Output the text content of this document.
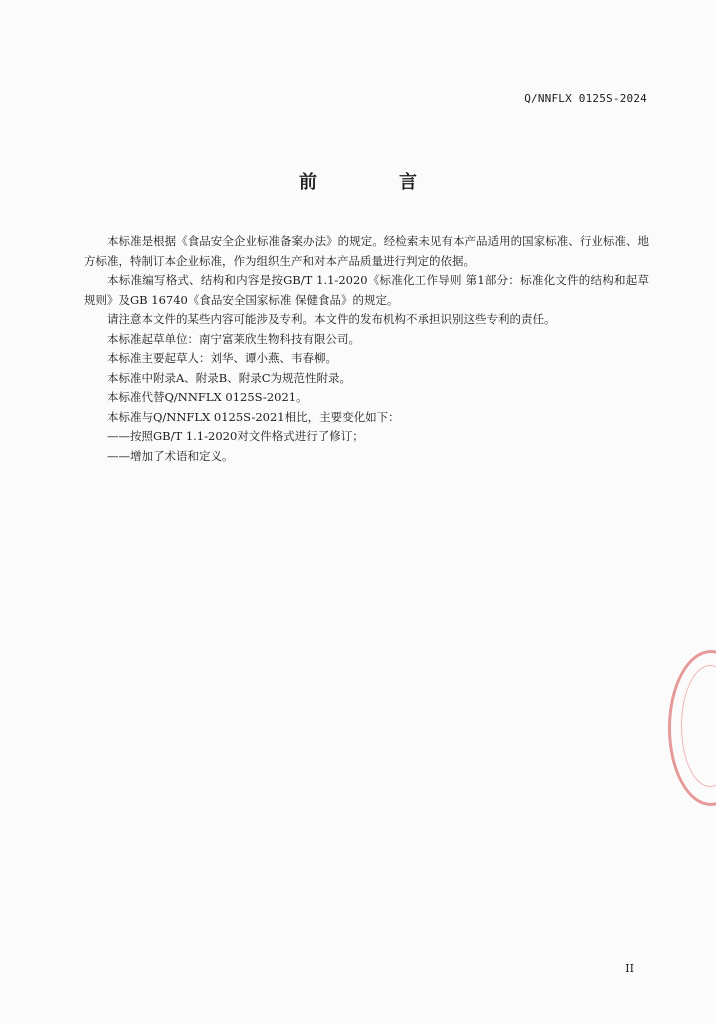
Q/NNFLX 0125S-2024
前　言

本标准是根据《食品安全企业标准备案办法》的规定。经检索未见有本产品适用的国家标准、行业标准、地方标准，特制订本企业标准，作为组织生产和对本产品质量进行判定的依据。

本标准编写格式、结构和内容是按GB/T 1.1-2020《标准化工作导则 第1部分：标准化文件的结构和起草规则》及GB 16740《食品安全国家标准 保健食品》的规定。

请注意本文件的某些内容可能涉及专利。本文件的发布机构不承担识别这些专利的责任。

本标准起草单位：南宁富莱欣生物科技有限公司。

本标准主要起草人：刘华、谭小燕、韦春柳。

本标准中附录A、附录B、附录C为规范性附录。

本标准代替Q/NNFLX 0125S-2021。

本标准与Q/NNFLX 0125S-2021相比，主要变化如下：

——按照GB/T 1.1-2020对文件格式进行了修订；

——增加了术语和定义。

II
